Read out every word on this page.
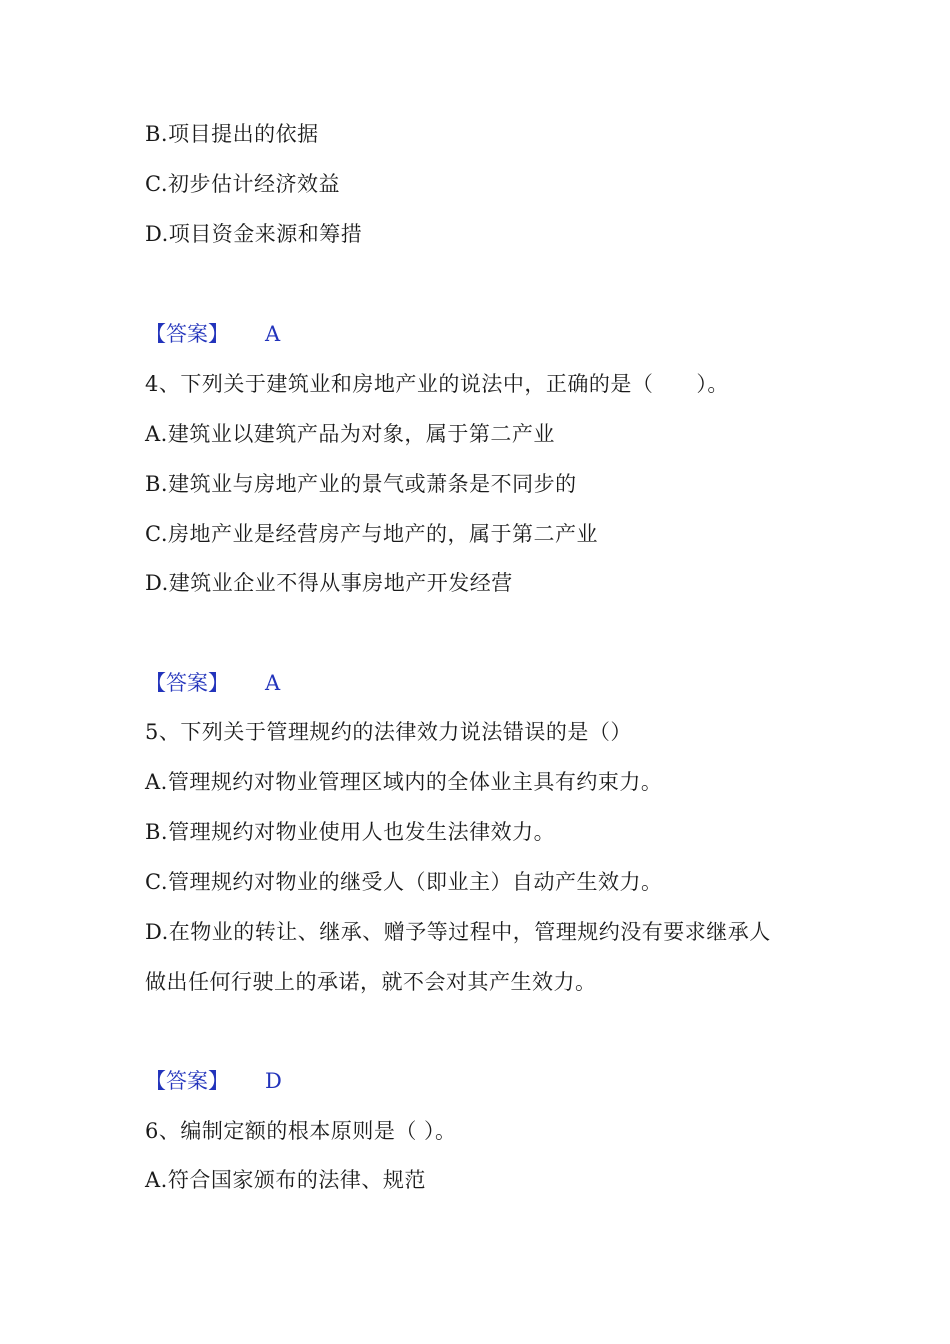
B.项目提出的依据
C.初步估计经济效益
D.项目资金来源和筹措
【答案】 A
4、下列关于建筑业和房地产业的说法中，正确的是（　　）。
A.建筑业以建筑产品为对象，属于第二产业
B.建筑业与房地产业的景气或萧条是不同步的
C.房地产业是经营房产与地产的，属于第二产业
D.建筑业企业不得从事房地产开发经营
【答案】 A
5、下列关于管理规约的法律效力说法错误的是（）
A.管理规约对物业管理区域内的全体业主具有约束力。
B.管理规约对物业使用人也发生法律效力。
C.管理规约对物业的继受人（即业主）自动产生效力。
D.在物业的转让、继承、赠予等过程中，管理规约没有要求继承人
做出任何行驶上的承诺，就不会对其产生效力。
【答案】 D
6、编制定额的根本原则是（ ）。
A.符合国家颁布的法律、规范
